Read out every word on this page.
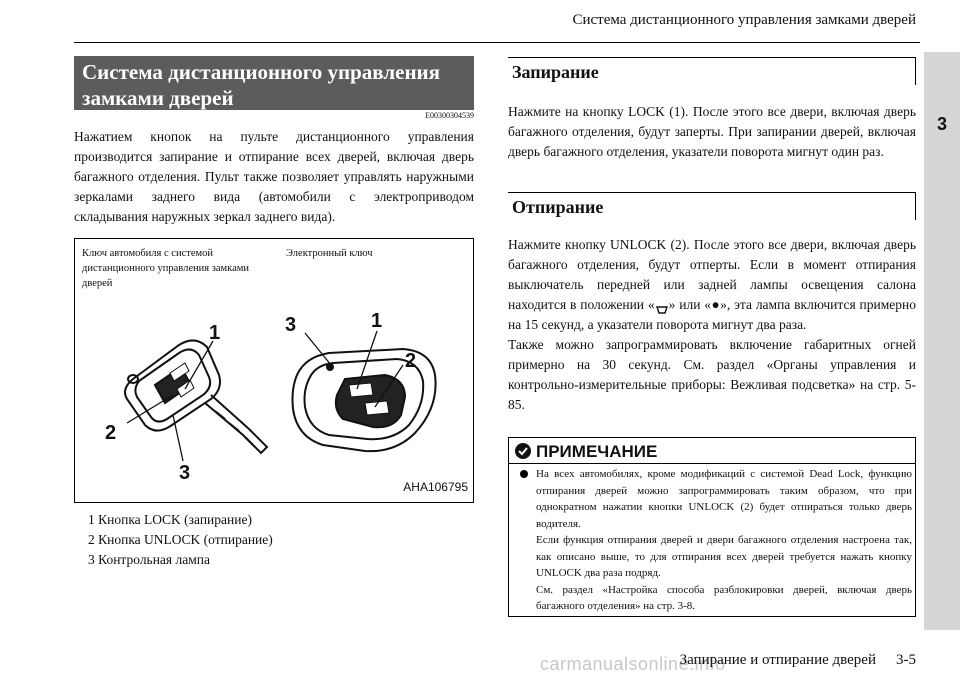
Система дистанционного управления замками дверей
3
Система дистанционного управления замками дверей
E00300304539
Нажатием кнопок на пульте дистанционного управления производится запирание и отпирание всех дверей, включая дверь багажного отделения. Пульт также позволяет управлять наружными зеркалами заднего вида (автомобили с электроприводом складывания наружных зеркал заднего вида).
1
2
3
3	1
2
Ключ автомобиля с системой дистанционного управления замками дверей
Электронный ключ
AHA106795
1 Кнопка LOCK (запирание)
2 Кнопка UNLOCK (отпирание)
3 Контрольная лампа
Запирание
Нажмите на кнопку LOCK (1). После этого все двери, включая дверь багажного отделения, будут заперты. При запирании дверей, включая дверь багажного отделения, указатели поворота мигнут один раз.
Отпирание
Нажмите кнопку UNLOCK (2). После этого все двери, включая дверь багажного отделения, будут отперты. Если в момент отпирания выключатель передней или задней лампы освещения салона находится в положении « » или «●», эта лампа включится примерно на 15 секунд, а указатели поворота мигнут два раза.
Также можно запрограммировать включение габаритных огней примерно на 30 секунд. См. раздел «Органы управления и контрольно-измерительные приборы: Вежливая подсветка» на стр. 5-85.
ПРИМЕЧАНИЕ
На всех автомобилях, кроме модификаций с системой Dead Lock, функцию отпирания дверей можно запрограммировать таким образом, что при однократном нажатии кнопки UNLOCK (2) будет отпираться только дверь водителя.
Если функция отпирания дверей и двери багажного отделения настроена так, как описано выше, то для отпирания всех дверей требуется нажать кнопку UNLOCK два раза подряд.
См. раздел «Настройка способа разблокировки дверей, включая дверь багажного отделения» на стр. 3-8.
carmanualsonline.info
Запирание и отпирание дверей 3-5
